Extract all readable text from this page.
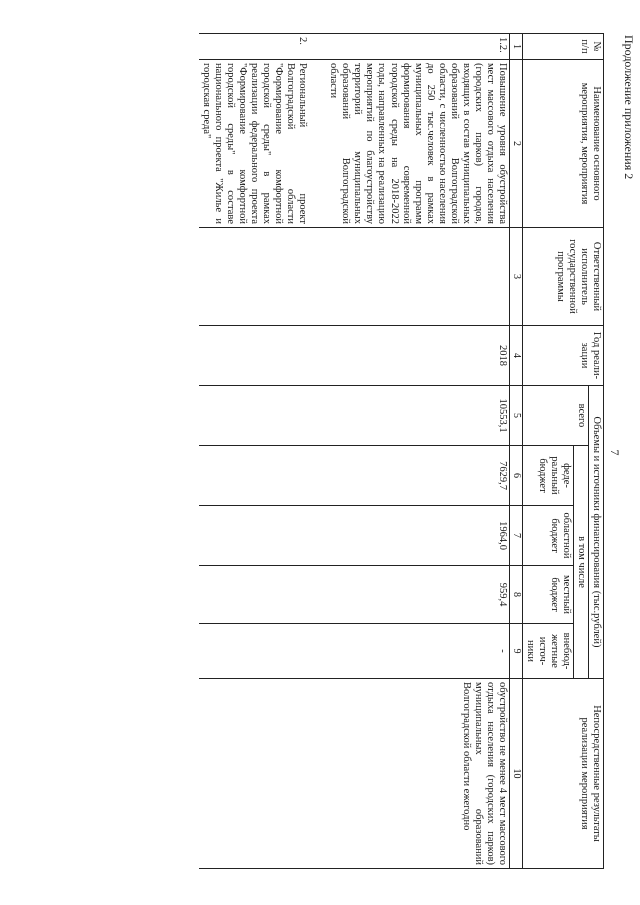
7
Продолжение приложения 2
№ п/п	Наименование основного мероприятия, мероприятия	Ответственный исполнитель государственной программы	Год реали- зации	Объемы и источники финансирования (тыс.рублей)					Непосредственные результаты реализации мероприятия
				всего	в том числе				
					феде- ральный бюджет	областной бюджет	местный бюджет	внебюд- жетные источ- ники	
1	2	3	4	5	6	7	8	9	10
1.2.	Повышение уровня обустройства мест массового отдыха населения (городских парков) городов, входящих в состав муниципальных образований Волгоградской области, с численностью населения до 250 тыс.человек в рамках муниципальных программ формирования современной городской среды на 2018-2022 годы, направленных на реализацию мероприятий по благоустройству территорий муниципальных образований Волгоградской области		2018	10553,1	7629,7	1964,0	959,4	-	обустройство не менее 4 мест массового отдыха населения (городских парков) муниципальных образований Волгоградской области ежегодно
2.	Региональный проект Волгоградской области "Формирование комфортной городской среды" в рамках реализации федерального проекта "Формирование комфортной городской среды" в составе национального проекта "Жилье и городская среда"								
